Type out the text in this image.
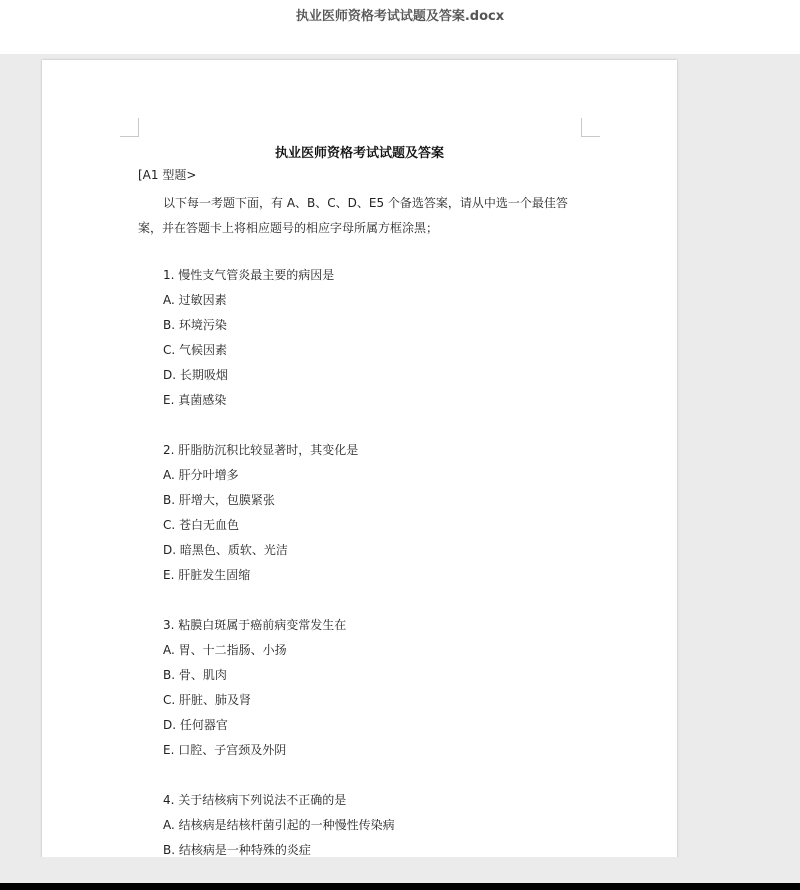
执业医师资格考试试题及答案.docx
执业医师资格考试试题及答案
[A1 型题>
以下每一考题下面，有 A、B、C、D、E5 个备选答案，请从中选一个最佳答案，并在答题卡上将相应题号的相应字母所属方框涂黑；
1. 慢性支气管炎最主要的病因是
A. 过敏因素
B. 环境污染
C. 气候因素
D. 长期吸烟
E. 真菌感染
2. 肝脂肪沉积比较显著时，其变化是
A. 肝分叶增多
B. 肝增大，包膜紧张
C. 苍白无血色
D. 暗黑色、质软、光洁
E. 肝脏发生固缩
3. 粘膜白斑属于癌前病变常发生在
A. 胃、十二指肠、小扬
B. 骨、肌肉
C. 肝脏、肺及肾
D. 任何器官
E. 口腔、子宫颈及外阴
4. 关于结核病下列说法不正确的是
A. 结核病是结核杆菌引起的一种慢性传染病
B. 结核病是一种特殊的炎症
